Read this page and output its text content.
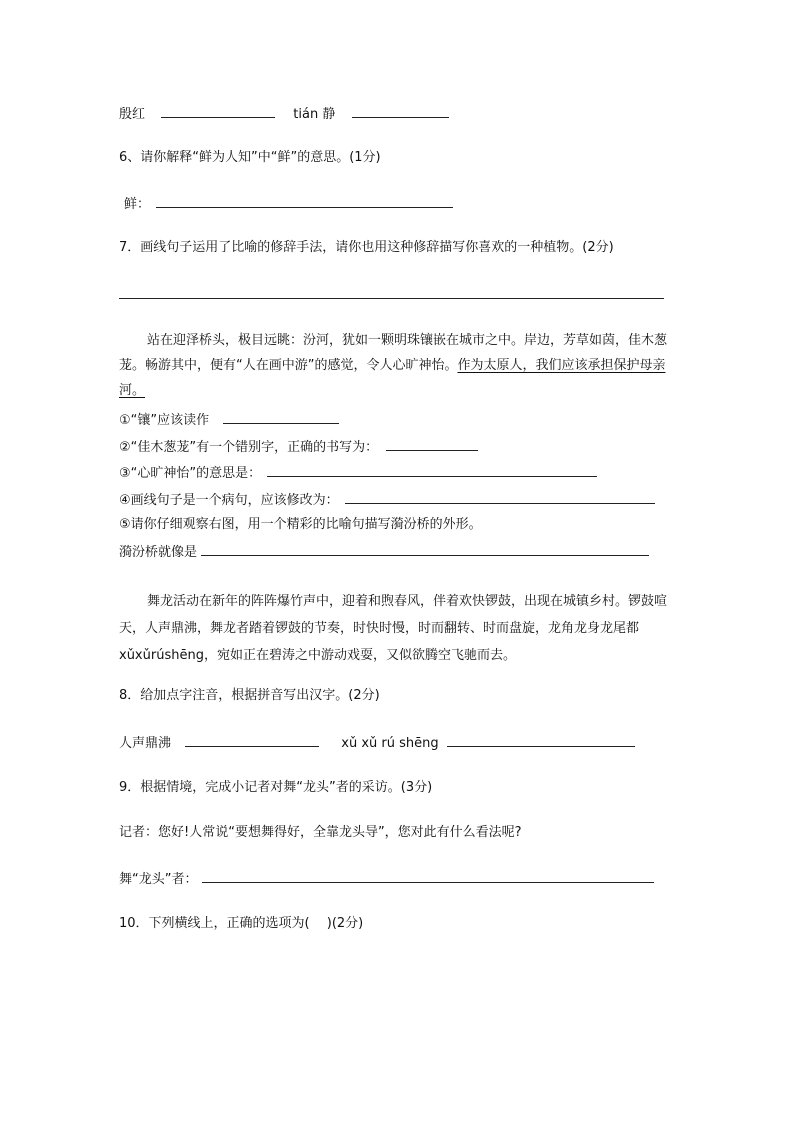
殷红	tián 静
6、请你解释“鲜为人知”中“鲜”的意思。(1分)
鲜：
7．画线句子运用了比喻的修辞手法，请你也用这种修辞描写你喜欢的一种植物。(2分)
站在迎泽桥头，极目远眺：汾河，犹如一颗明珠镶嵌在城市之中。岸边，芳草如茵，佳木葱茏。畅游其中，便有“人在画中游”的感觉，令人心旷神怡。作为太原人，我们应该承担保护母亲河。
①“镶”应该读作
②“佳木葱茏”有一个错别字，正确的书写为：
③“心旷神怡”的意思是：
④画线句子是一个病句，应该修改为：
⑤请你仔细观察右图，用一个精彩的比喻句描写漪汾桥的外形。
漪汾桥就像是
舞龙活动在新年的阵阵爆竹声中，迎着和煦春风，伴着欢快锣鼓，出现在城镇乡村。锣鼓喧天，人声鼎沸，舞龙者踏着锣鼓的节奏，时快时慢，时而翻转、时而盘旋，龙角龙身龙尾都 xǔxǔrúshēng，宛如正在碧涛之中游动戏耍，又似欲腾空飞驰而去。
8．给加点字注音，根据拼音写出汉字。(2分)
人声鼎沸	xǔ xǔ rú shēng
9．根据情境，完成小记者对舞“龙头”者的采访。(3分)
记者：您好!人常说“要想舞得好，全靠龙头导”，您对此有什么看法呢?
舞“龙头”者：
10．下列横线上，正确的选项为(　 )(2分)
